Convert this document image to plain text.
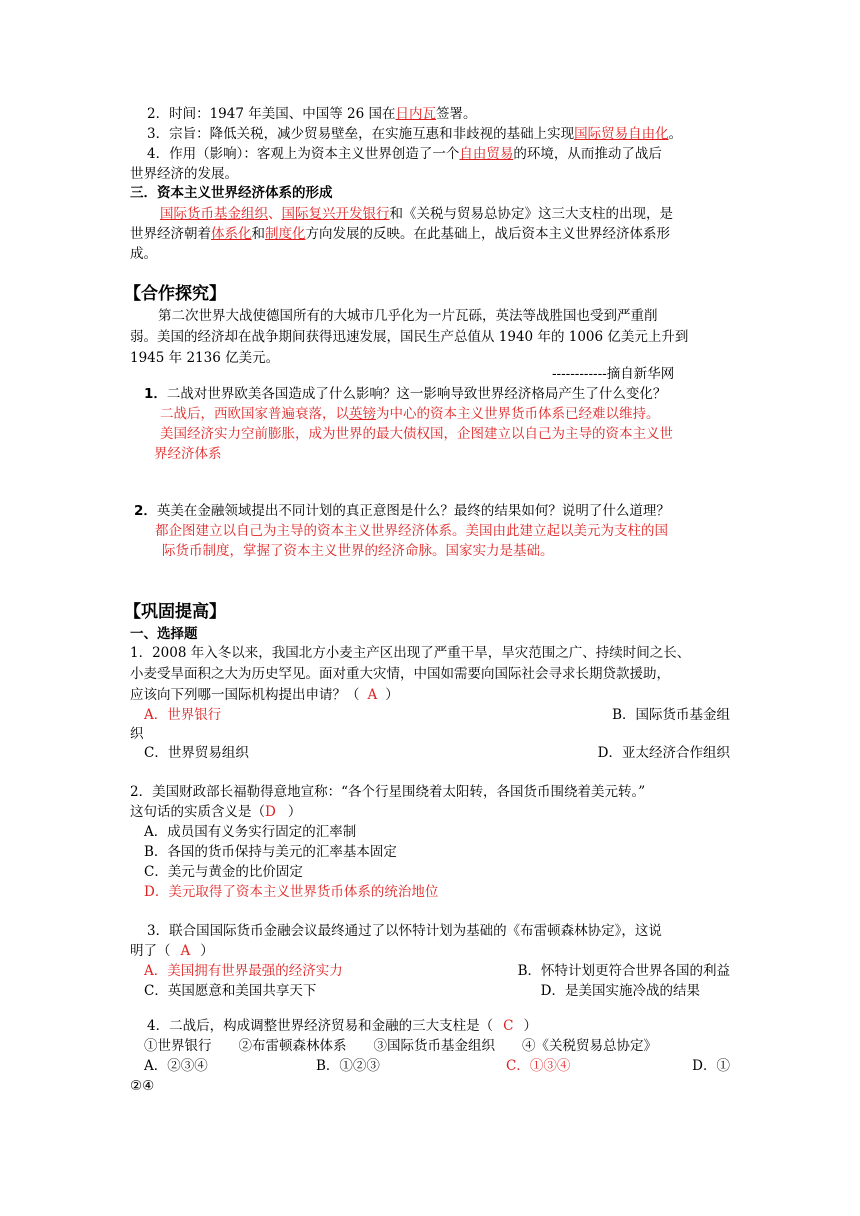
2．时间：1947 年美国、中国等 26 国在日内瓦签署。
3．宗旨：降低关税，减少贸易壁垒，在实施互惠和非歧视的基础上实现国际贸易自由化。
4．作用（影响）：客观上为资本主义世界创造了一个自由贸易的环境，从而推动了战后
世界经济的发展。
三．资本主义世界经济体系的形成
国际货币基金组织、国际复兴开发银行和《关税与贸易总协定》这三大支柱的出现，是
世界经济朝着体系化和制度化方向发展的反映。在此基础上，战后资本主义世界经济体系形
成。
【合作探究】
第二次世界大战使德国所有的大城市几乎化为一片瓦砾，英法等战胜国也受到严重削
弱。美国的经济却在战争期间获得迅速发展，国民生产总值从 1940 年的 1006 亿美元上升到
1945 年 2136 亿美元。
------------摘自新华网
1．二战对世界欧美各国造成了什么影响？这一影响导致世界经济格局产生了什么变化？
二战后，西欧国家普遍衰落，以英镑为中心的资本主义世界货币体系已经难以维持。
美国经济实力空前膨胀，成为世界的最大债权国，企图建立以自己为主导的资本主义世
界经济体系
2．英美在金融领域提出不同计划的真正意图是什么？最终的结果如何？说明了什么道理？
都企图建立以自己为主导的资本主义世界经济体系。美国由此建立起以美元为支柱的国
际货币制度，掌握了资本主义世界的经济命脉。国家实力是基础。
【巩固提高】
一、选择题
1．2008 年入冬以来，我国北方小麦主产区出现了严重干旱，旱灾范围之广、持续时间之长、
小麦受旱面积之大为历史罕见。面对重大灾情，中国如需要向国际社会寻求长期贷款援助，
应该向下列哪一国际机构提出申请？（ A ）
A．世界银行	B．国际货币基金组
织
C．世界贸易组织	D．亚太经济合作组织
2．美国财政部长福勒得意地宣称：“各个行星围绕着太阳转，各国货币围绕着美元转。”
这句话的实质含义是（D ）
A．成员国有义务实行固定的汇率制
B．各国的货币保持与美元的汇率基本固定
C．美元与黄金的比价固定
D．美元取得了资本主义世界货币体系的统治地位
3．联合国国际货币金融会议最终通过了以怀特计划为基础的《布雷顿森林协定》，这说
明了（ A ）
A．美国拥有世界最强的经济实力	B．怀特计划更符合世界各国的利益
C．英国愿意和美国共享天下	D．是美国实施冷战的结果
4．二战后，构成调整世界经济贸易和金融的三大支柱是（ C ）
①世界银行　　②布雷顿森林体系　　③国际货币基金组织　　④《关税贸易总协定》
A．②③④	B．①②③	C．①③④	D．①
②④
